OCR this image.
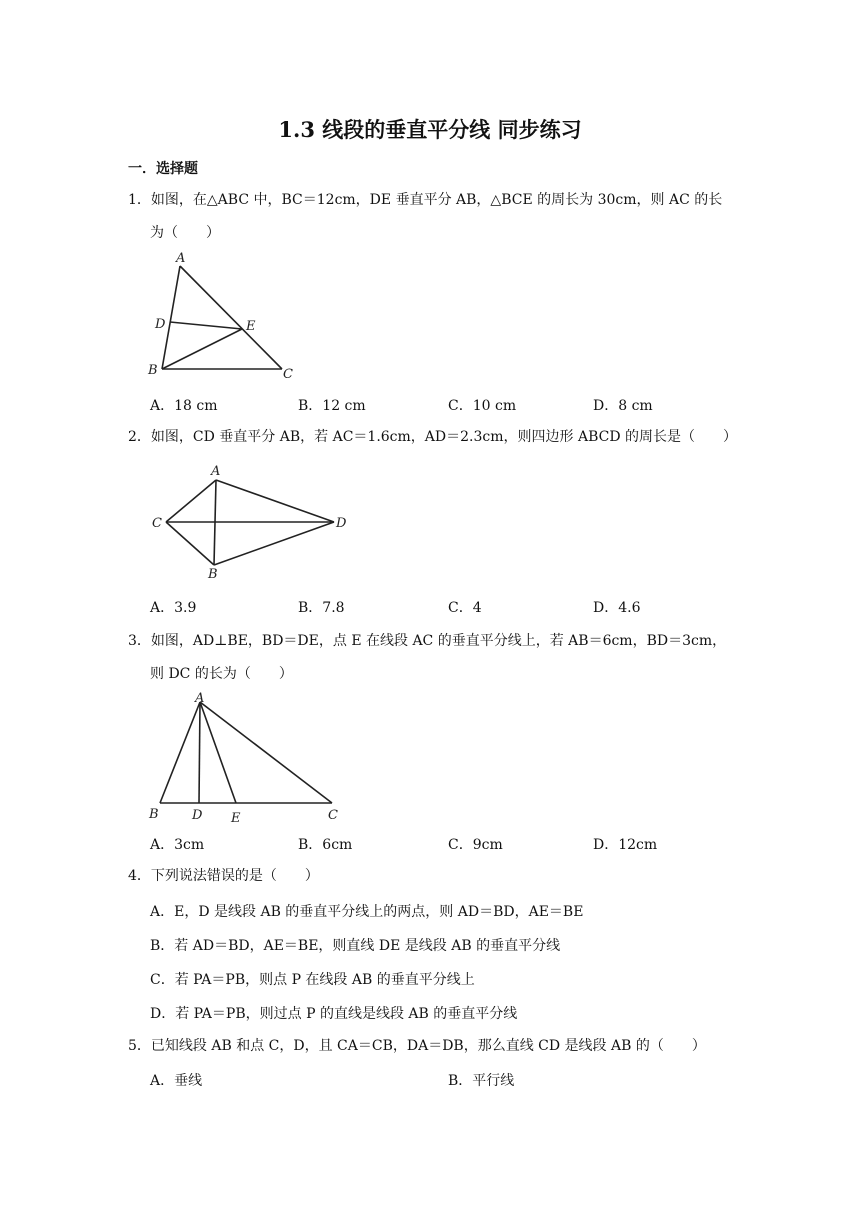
1.3 线段的垂直平分线 同步练习
一．选择题
1．如图，在△ABC 中，BC＝12cm，DE 垂直平分 AB，△BCE 的周长为 30cm，则 AC 的长
为（　　）
A
D	E
B	C
A．18 cm	B．12 cm	C．10 cm	D．8 cm
2．如图，CD 垂直平分 AB，若 AC＝1.6cm，AD＝2.3cm，则四边形 ABCD 的周长是（　　）
A
C	D
B
A．3.9	B．7.8	C．4	D．4.6
3．如图，AD⊥BE，BD＝DE，点 E 在线段 AC 的垂直平分线上，若 AB＝6cm，BD＝3cm，
则 DC 的长为（　　）
A
B	D E	C
A．3cm	B．6cm	C．9cm	D．12cm
4．下列说法错误的是（　　）
A．E，D 是线段 AB 的垂直平分线上的两点，则 AD＝BD，AE＝BE
B．若 AD＝BD，AE＝BE，则直线 DE 是线段 AB 的垂直平分线
C．若 PA＝PB，则点 P 在线段 AB 的垂直平分线上
D．若 PA＝PB，则过点 P 的直线是线段 AB 的垂直平分线
5．已知线段 AB 和点 C，D，且 CA＝CB，DA＝DB，那么直线 CD 是线段 AB 的（　　）
A．垂线	B．平行线
